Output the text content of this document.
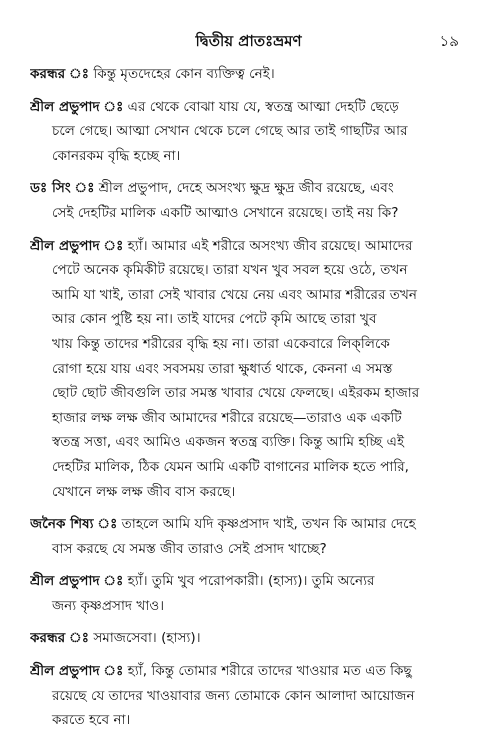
দ্বিতীয় প্রাতঃভ্রমণ	১৯
করন্ধর ঃ কিন্তু মৃতদেহের কোন ব্যক্তিত্ব নেই।
শ্রীল প্রভুপাদ ঃ এর থেকে বোঝা যায় যে, স্বতন্ত্র আত্মা দেহটি ছেড়ে
চলে গেছে। আত্মা সেখান থেকে চলে গেছে আর তাই গাছটির আর
কোনরকম বৃদ্ধি হচ্ছে না।
ডঃ সিং ঃ শ্রীল প্রভুপাদ, দেহে অসংখ্য ক্ষুদ্র ক্ষুদ্র জীব রয়েছে, এবং
সেই দেহটির মালিক একটি আত্মাও সেখানে রয়েছে। তাই নয় কি?
শ্রীল প্রভুপাদ ঃ হ্যাঁ। আমার এই শরীরে অসংখ্য জীব রয়েছে। আমাদের
পেটে অনেক কৃমিকীট রয়েছে। তারা যখন খুব সবল হয়ে ওঠে, তখন
আমি যা খাই, তারা সেই খাবার খেয়ে নেয় এবং আমার শরীরের তখন
আর কোন পুষ্টি হয় না। তাই যাদের পেটে কৃমি আছে তারা খুব
খায় কিন্তু তাদের শরীরের বৃদ্ধি হয় না। তারা একেবারে লিক্‌লিকে
রোগা হয়ে যায় এবং সবসময় তারা ক্ষুধার্ত থাকে, কেননা এ সমস্ত
ছোট ছোট জীবগুলি তার সমস্ত খাবার খেয়ে ফেলছে। এইরকম হাজার
হাজার লক্ষ লক্ষ জীব আমাদের শরীরে রয়েছে—তারাও এক একটি
স্বতন্ত্র সত্তা, এবং আমিও একজন স্বতন্ত্র ব্যক্তি। কিন্তু আমি হচ্ছি এই
দেহটির মালিক, ঠিক যেমন আমি একটি বাগানের মালিক হতে পারি,
যেখানে লক্ষ লক্ষ জীব বাস করছে।
জনৈক শিষ্য ঃ তাহলে আমি যদি কৃষ্ণপ্রসাদ খাই, তখন কি আমার দেহে
বাস করছে যে সমস্ত জীব তারাও সেই প্রসাদ খাচ্ছে?
শ্রীল প্রভুপাদ ঃ হ্যাঁ। তুমি খুব পরোপকারী। (হাস্য)। তুমি অন্যের
জন্য কৃষ্ণপ্রসাদ খাও।
করন্ধর ঃ সমাজসেবা। (হাস্য)।
শ্রীল প্রভুপাদ ঃ হ্যাঁ, কিন্তু তোমার শরীরে তাদের খাওয়ার মত এত কিছু
রয়েছে যে তাদের খাওয়াবার জন্য তোমাকে কোন আলাদা আয়োজন
করতে হবে না।
